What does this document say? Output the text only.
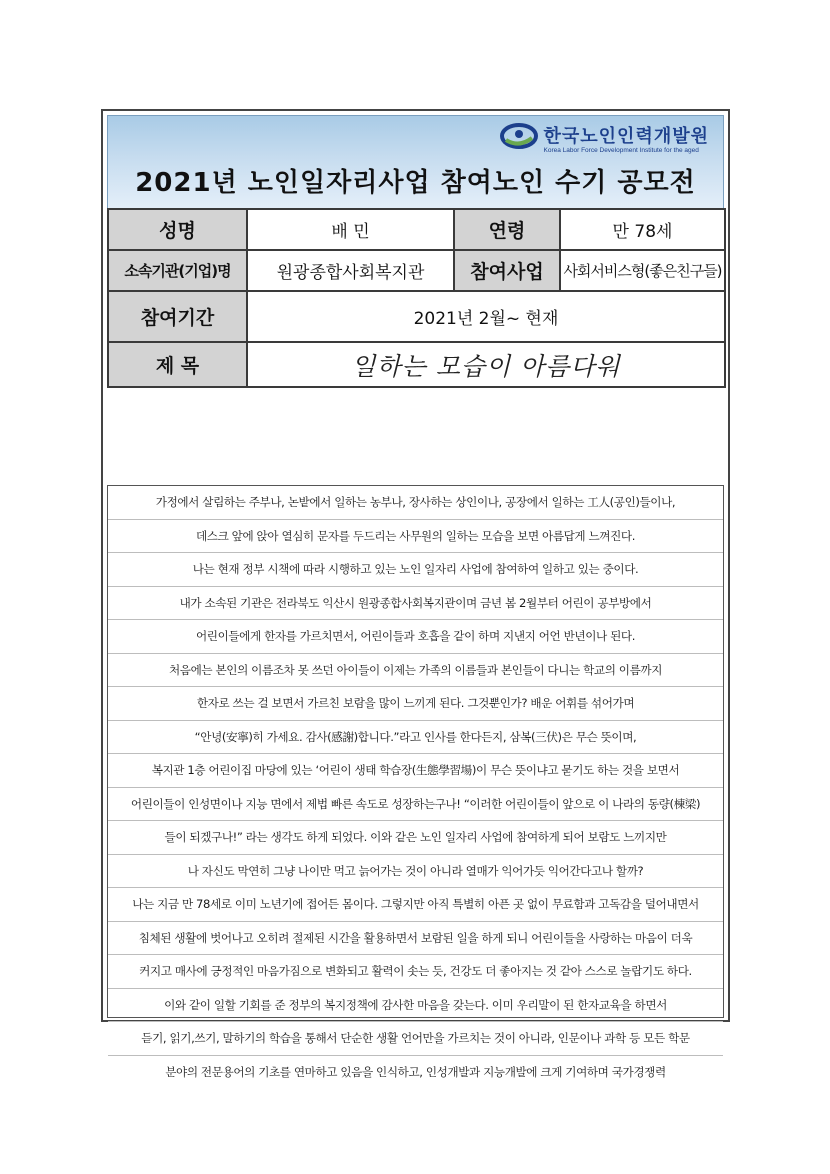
한국노인인력개발원
Korea Labor Force Development Institute for the aged
2021년 노인일자리사업 참여노인 수기 공모전
성명	배 민	연령	만 78세
소속기관(기업)명	원광종합사회복지관	참여사업	사회서비스형(좋은친구들)
참여기간	2021년 2월~ 현재		
제 목	일하는 모습이 아름다워		
가정에서 살림하는 주부나, 논밭에서 일하는 농부나, 장사하는 상인이나, 공장에서 일하는 工人(공인)들이나,
데스크 앞에 앉아 열심히 문자를 두드리는 사무원의 일하는 모습을 보면 아름답게 느껴진다.
나는 현재 정부 시책에 따라 시행하고 있는 노인 일자리 사업에 참여하여 일하고 있는 중이다.
내가 소속된 기관은 전라북도 익산시 원광종합사회복지관이며 금년 봄 2월부터 어린이 공부방에서
어린이들에게 한자를 가르치면서, 어린이들과 호흡을 같이 하며 지낸지 어언 반년이나 된다.
처음에는 본인의 이름조차 못 쓰던 아이들이 이제는 가족의 이름들과 본인들이 다니는 학교의 이름까지
한자로 쓰는 걸 보면서 가르친 보람을 많이 느끼게 된다. 그것뿐인가? 배운 어휘를 섞어가며
“안녕(安寧)히 가세요. 감사(感謝)합니다.”라고 인사를 한다든지, 삼복(三伏)은 무슨 뜻이며,
복지관 1층 어린이집 마당에 있는 ‘어린이 생태 학습장(生態學習場)이 무슨 뜻이냐고 묻기도 하는 것을 보면서
어린이들이 인성면이나 지능 면에서 제법 빠른 속도로 성장하는구나! “이러한 어린이들이 앞으로 이 나라의 동량(棟梁)
들이 되겠구나!” 라는 생각도 하게 되었다. 이와 같은 노인 일자리 사업에 참여하게 되어 보람도 느끼지만
나 자신도 막연히 그냥 나이만 먹고 늙어가는 것이 아니라 열매가 익어가듯 익어간다고나 할까?
나는 지금 만 78세로 이미 노년기에 접어든 몸이다. 그렇지만 아직 특별히 아픈 곳 없이 무료함과 고독감을 덜어내면서
침체된 생활에 벗어나고 오히려 절제된 시간을 활용하면서 보람된 일을 하게 되니 어린이들을 사랑하는 마음이 더욱
커지고 매사에 긍정적인 마음가짐으로 변화되고 활력이 솟는 듯, 건강도 더 좋아지는 것 같아 스스로 놀랍기도 하다.
이와 같이 일할 기회를 준 정부의 복지정책에 감사한 마음을 갖는다. 이미 우리말이 된 한자교육을 하면서
듣기, 읽기,쓰기, 말하기의 학습을 통해서 단순한 생활 언어만을 가르치는 것이 아니라, 인문이나 과학 등 모든 학문
분야의 전문용어의 기초를 연마하고 있음을 인식하고, 인성개발과 지능개발에 크게 기여하며 국가경쟁력
